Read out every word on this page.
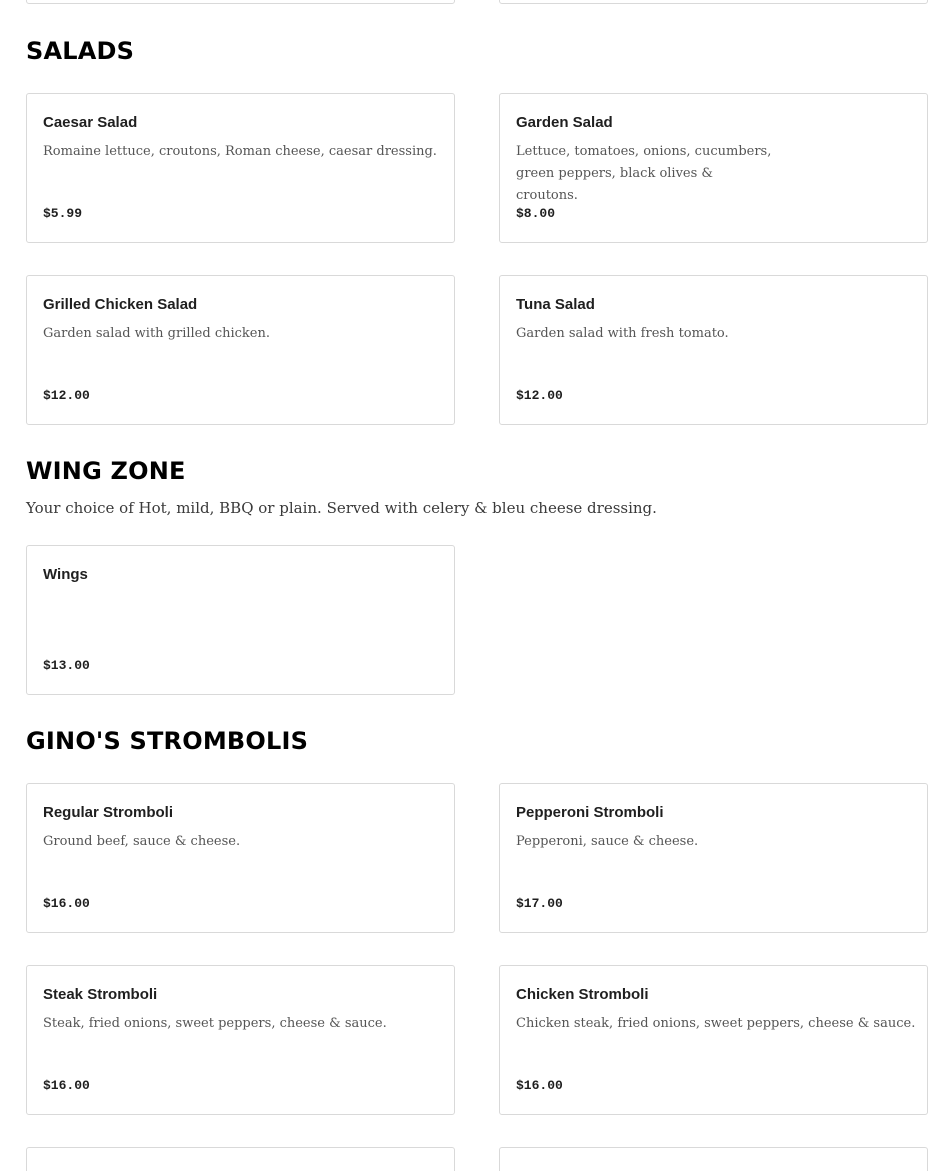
SALADS
Caesar Salad
Romaine lettuce, croutons, Roman cheese, caesar dressing.
$5.99
Garden Salad
Lettuce, tomatoes, onions, cucumbers, green peppers, black olives & croutons.
$8.00
Grilled Chicken Salad
Garden salad with grilled chicken.
$12.00
Tuna Salad
Garden salad with fresh tomato.
$12.00
WING ZONE
Your choice of Hot, mild, BBQ or plain. Served with celery & bleu cheese dressing.
Wings
$13.00
GINO'S STROMBOLIS
Regular Stromboli
Ground beef, sauce & cheese.
$16.00
Pepperoni Stromboli
Pepperoni, sauce & cheese.
$17.00
Steak Stromboli
Steak, fried onions, sweet peppers, cheese & sauce.
$16.00
Chicken Stromboli
Chicken steak, fried onions, sweet peppers, cheese & sauce.
$16.00
